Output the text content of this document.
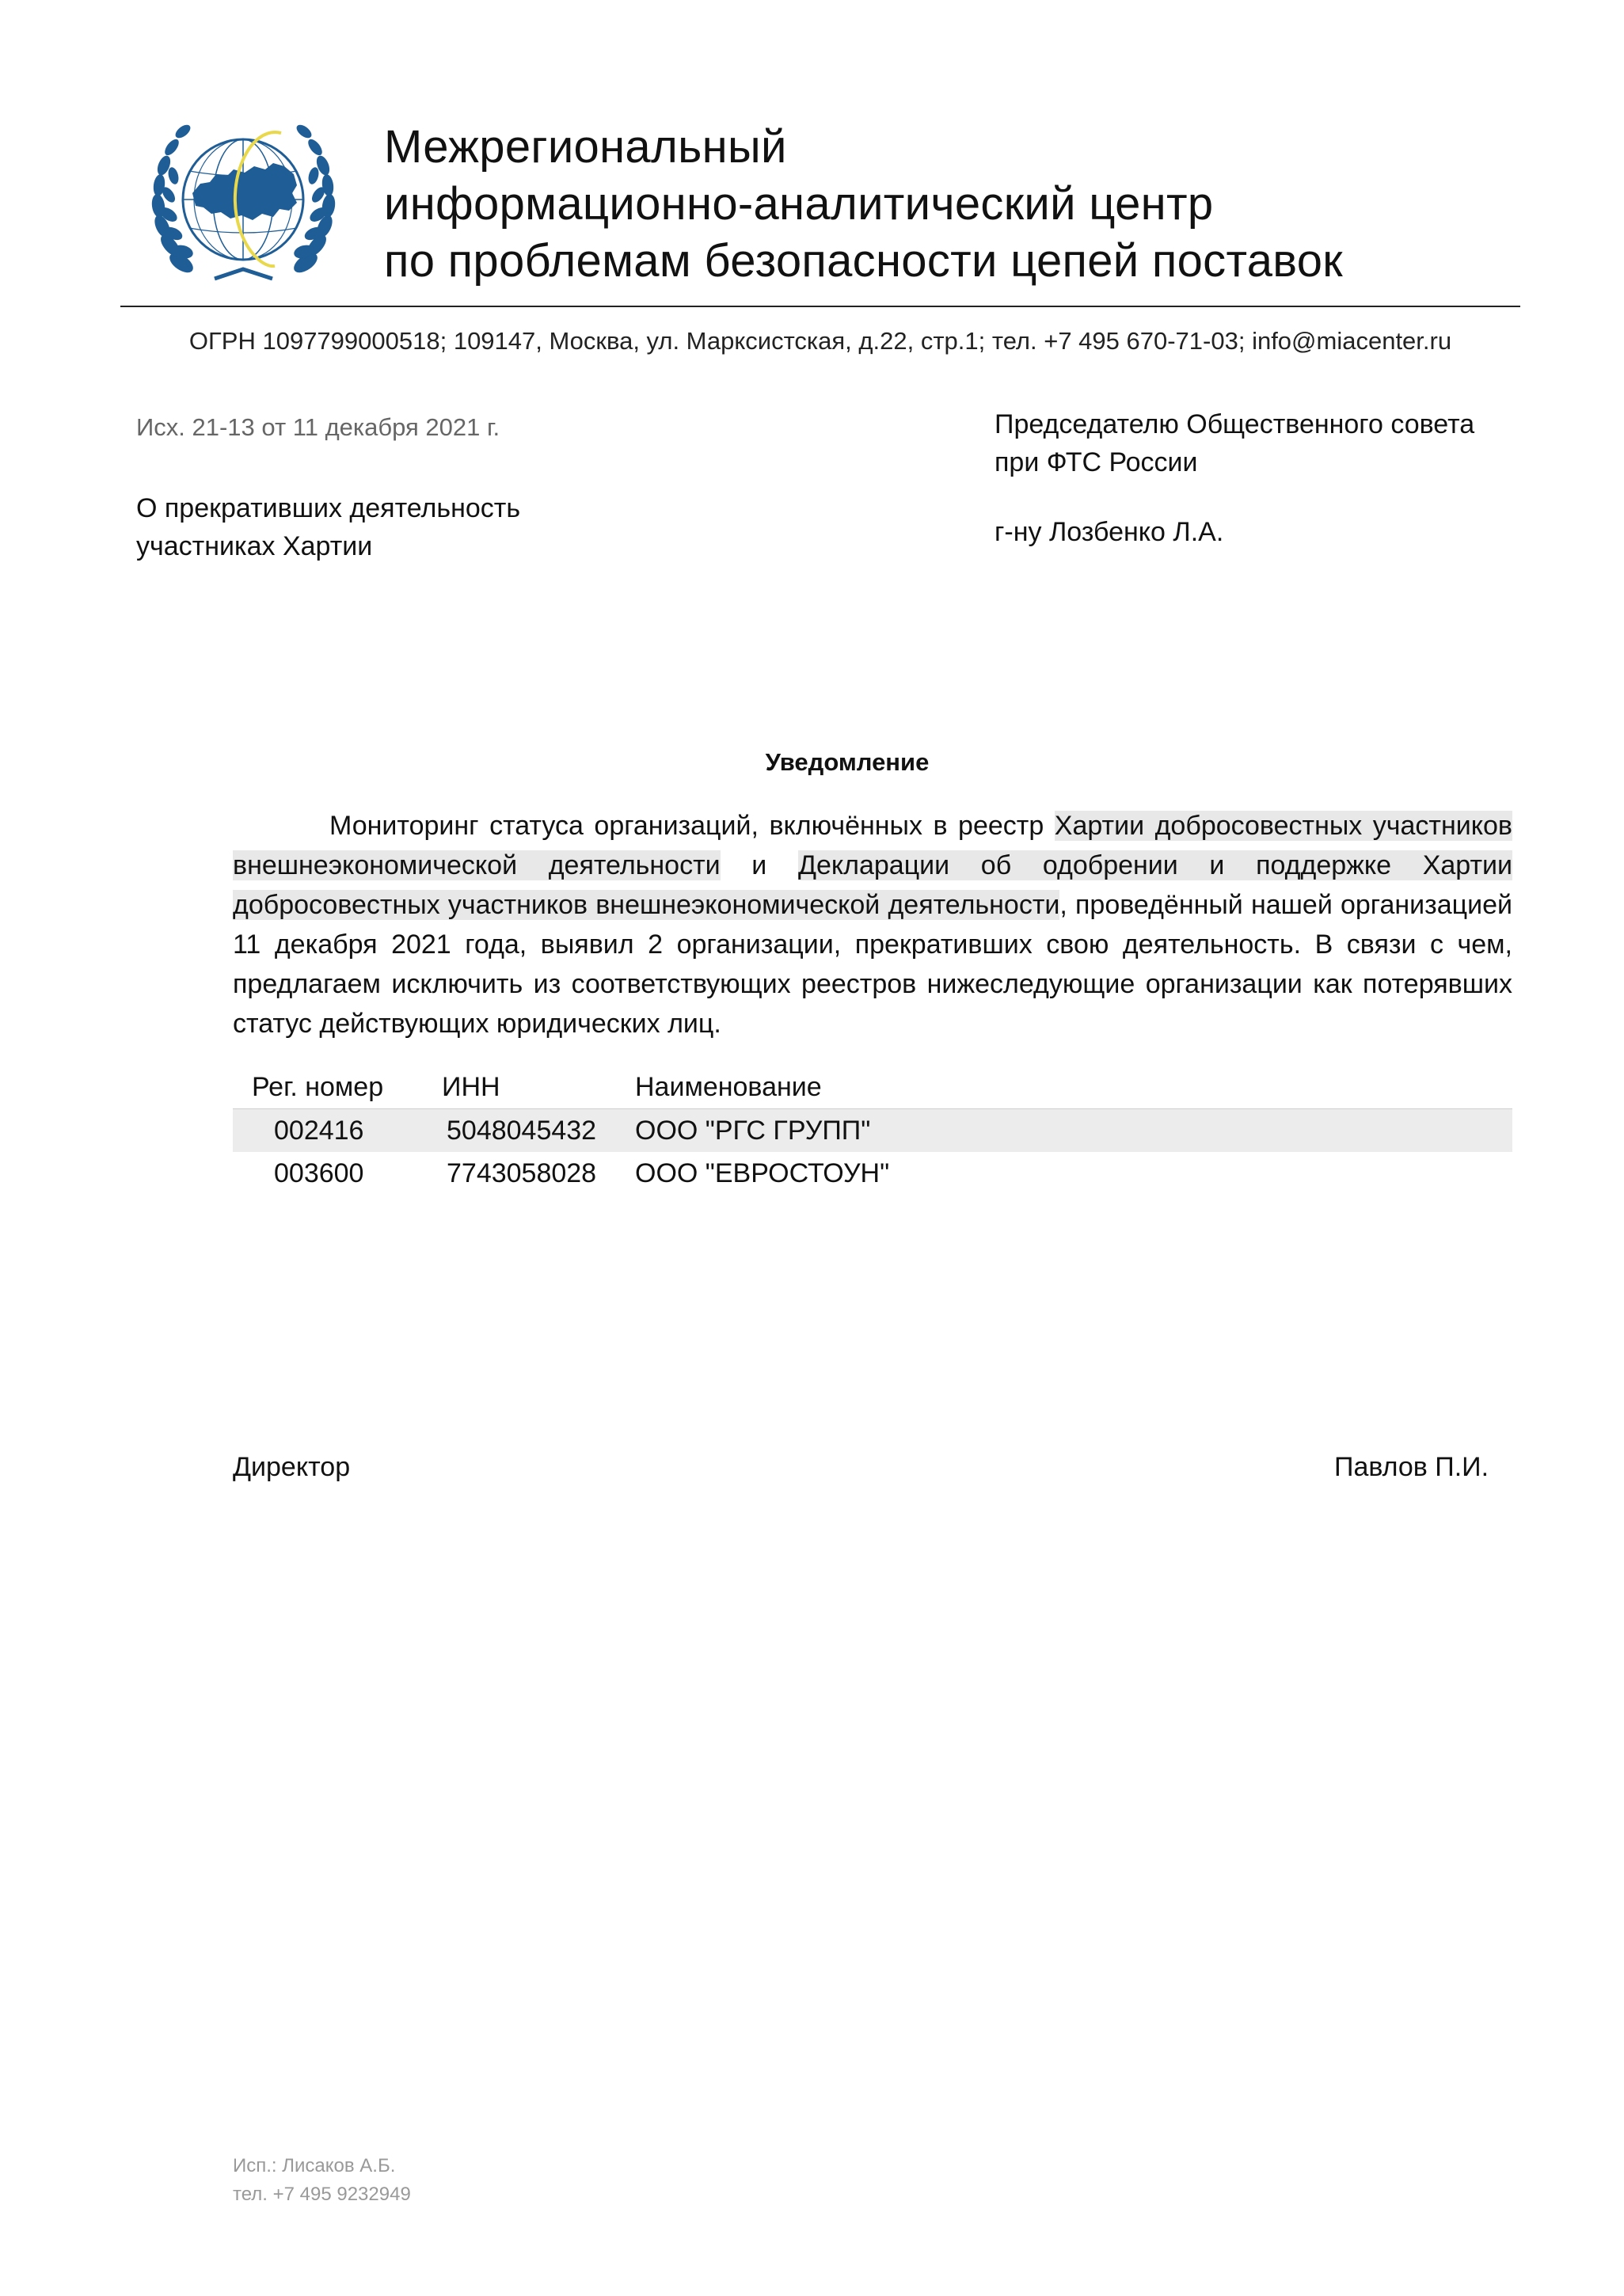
Межрегиональный
информационно-аналитический центр
по проблемам безопасности цепей поставок
ОГРН 1097799000518; 109147, Москва, ул. Марксистская, д.22, стр.1; тел. +7 495 670-71-03; info@miacenter.ru
Исх. 21-13 от 11 декабря 2021 г.
О прекративших деятельность
участниках Хартии
Председателю Общественного совета
при ФТС России
г-ну Лозбенко Л.А.
Уведомление
Мониторинг статуса организаций, включённых в реестр Хартии добросовестных участников внешнеэкономической деятельности и Декларации об одобрении и поддержке Хартии добросовестных участников внешнеэкономической деятельности, проведённый нашей организацией 11 декабря 2021 года, выявил 2 организации, прекративших свою деятельность. В связи с чем, предлагаем исключить из соответствующих реестров нижеследующие организации как потерявших статус действующих юридических лиц.
Рег. номер	ИНН	Наименование
002416	5048045432	ООО "РГС ГРУПП"
003600	7743058028	ООО "ЕВРОСТОУН"
Директор	Павлов П.И.
Исп.: Лисаков А.Б.
тел. +7 495 9232949
